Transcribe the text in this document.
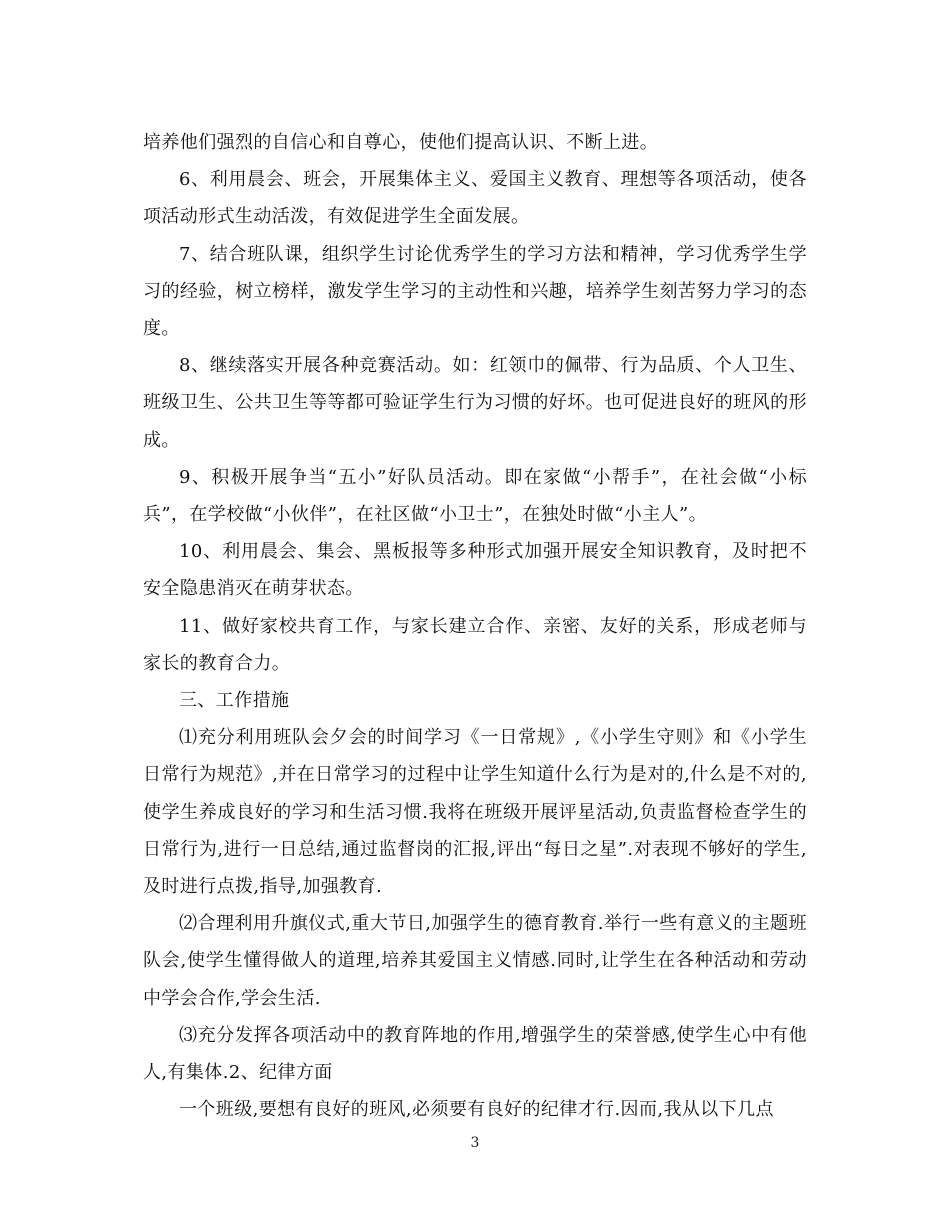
培养他们强烈的自信心和自尊心，使他们提高认识、不断上进。

6、利用晨会、班会，开展集体主义、爱国主义教育、理想等各项活动，使各项活动形式生动活泼，有效促进学生全面发展。

7、结合班队课，组织学生讨论优秀学生的学习方法和精神，学习优秀学生学习的经验，树立榜样，激发学生学习的主动性和兴趣，培养学生刻苦努力学习的态度。

8、继续落实开展各种竞赛活动。如：红领巾的佩带、行为品质、个人卫生、班级卫生、公共卫生等等都可验证学生行为习惯的好坏。也可促进良好的班风的形成。

9、积极开展争当“五小”好队员活动。即在家做“小帮手”，在社会做“小标兵”，在学校做“小伙伴”，在社区做“小卫士”，在独处时做“小主人”。

10、利用晨会、集会、黑板报等多种形式加强开展安全知识教育，及时把不安全隐患消灭在萌芽状态。

11、做好家校共育工作，与家长建立合作、亲密、友好的关系，形成老师与家长的教育合力。

三、工作措施

⑴充分利用班队会夕会的时间学习《一日常规》,《小学生守则》和《小学生日常行为规范》,并在日常学习的过程中让学生知道什么行为是对的,什么是不对的,使学生养成良好的学习和生活习惯.我将在班级开展评星活动,负责监督检查学生的日常行为,进行一日总结,通过监督岗的汇报,评出“每日之星”.对表现不够好的学生,及时进行点拨,指导,加强教育.

⑵合理利用升旗仪式,重大节日,加强学生的德育教育.举行一些有意义的主题班队会,使学生懂得做人的道理,培养其爱国主义情感.同时,让学生在各种活动和劳动中学会合作,学会生活.

⑶充分发挥各项活动中的教育阵地的作用,增强学生的荣誉感,使学生心中有他人,有集体.2、纪律方面

一个班级,要想有良好的班风,必须要有良好的纪律才行.因而,我从以下几点

3
